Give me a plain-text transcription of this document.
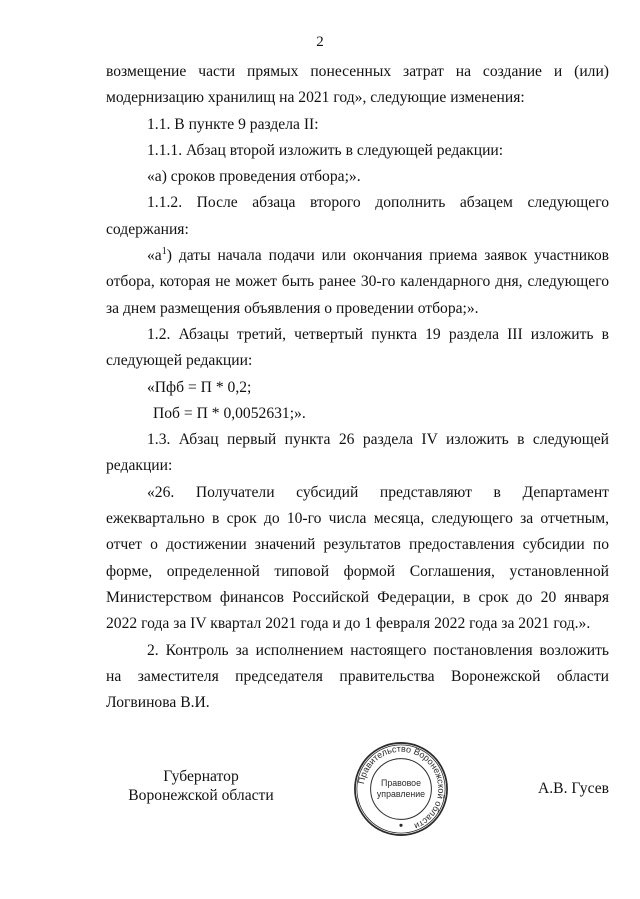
2

возмещение части прямых понесенных затрат на создание и (или)

модернизацию хранилищ на 2021 год», следующие изменения:

1.1. В пункте 9 раздела II:

1.1.1. Абзац второй изложить в следующей редакции:

«а) сроков проведения отбора;».

1.1.2. После абзаца второго дополнить абзацем следующего

содержания:

«$а^1$) даты начала подачи или окончания приема заявок участников отбора, которая не может быть ранее 30-го календарного дня, следующего за днем размещения объявления о проведении отбора;».

1.2. Абзацы третий, четвертый пункта 19 раздела III изложить в следующей редакции:

«Пфб = П * 0,2;

Поб = П * 0,0052631;».

1.3. Абзац первый пункта 26 раздела IV изложить в следующей редакции:

«26. Получатели субсидий представляют в Департамент ежеквартально в срок до 10-го числа месяца, следующего за отчетным, отчет о достижении значений результатов предоставления субсидии по форме, определенной типовой формой Соглашения, установленной Министерством финансов Российской Федерации, в срок до 20 января 2022 года за IV квартал 2021 года и до 1 февраля 2022 года за 2021 год.».

2. Контроль за исполнением настоящего постановления возложить на заместителя председателя правительства Воронежской области Логвинова В.И.

Губернатор
Воронежской области
Правительство Воронежской области
Правовое
управление	А.В. Гусев
